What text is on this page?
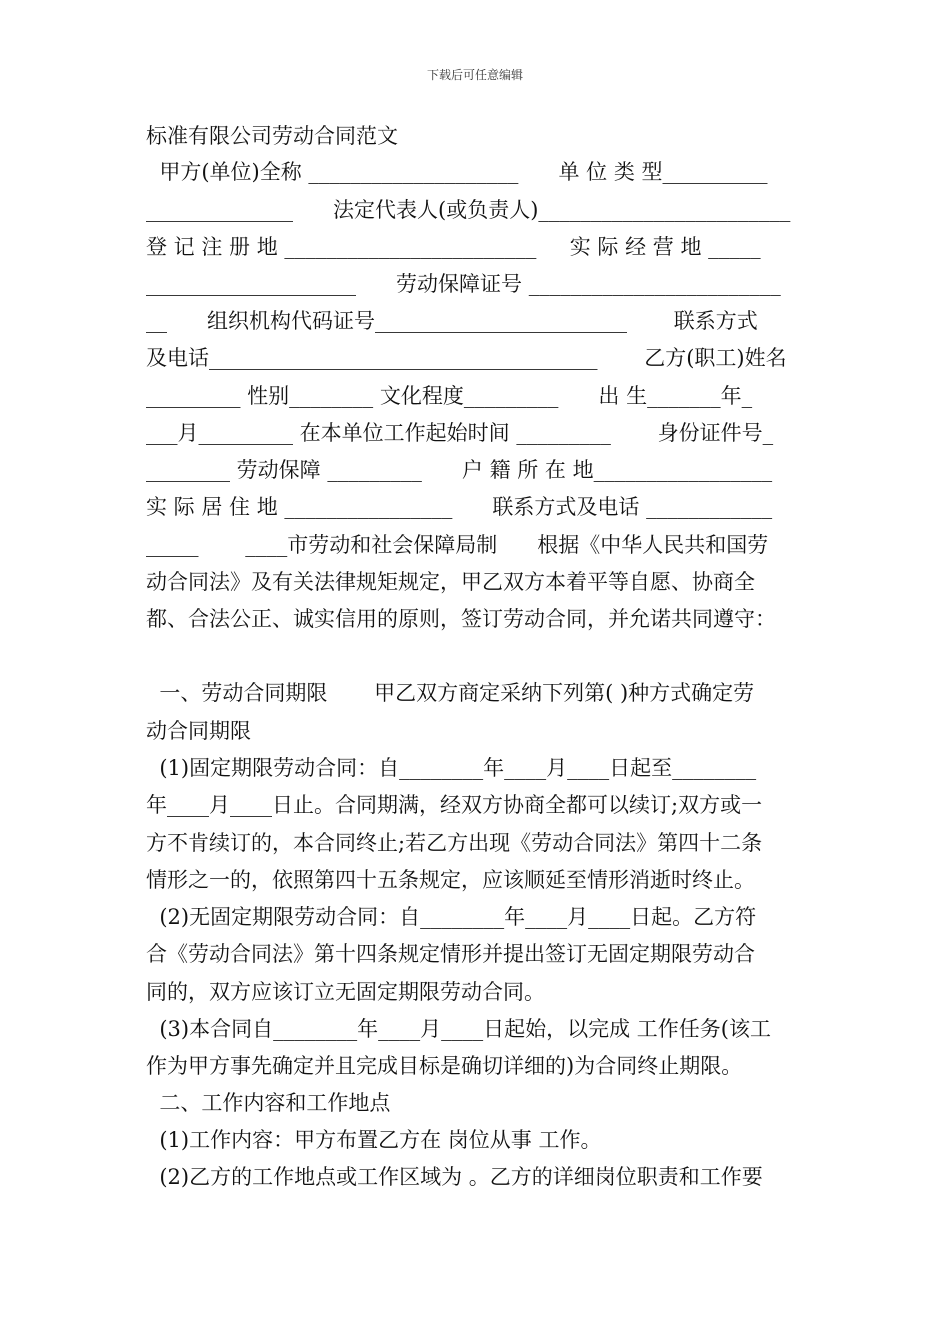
下载后可任意编辑
标准有限公司劳动合同范文
甲方(单位)全称 ____________________      单 位 类 型__________
______________      法定代表人(或负责人)________________________
登 记 注 册 地 ________________________     实 际 经 营 地 _____
____________________      劳动保障证号 ________________________
__      组织机构代码证号________________________       联系方式
及电话_____________________________________       乙方(职工)姓名
_________ 性别________ 文化程度_________      出 生_______年_
___月_________ 在本单位工作起始时间 _________       身份证件号_
________ 劳动保障 _________      户 籍 所 在 地_________________
实 际 居 住 地 ________________      联系方式及电话 ____________
_____       ____市劳动和社会保障局制      根据《中华人民共和国劳
动合同法》及有关法律规矩规定，甲乙双方本着平等自愿、协商全
都、合法公正、诚实信用的原则，签订劳动合同，并允诺共同遵守：
一、劳动合同期限       甲乙双方商定采纳下列第( )种方式确定劳
动合同期限
(1)固定期限劳动合同：自________年____月____日起至________
年____月____日止。合同期满，经双方协商全都可以续订;双方或一
方不肯续订的，本合同终止;若乙方出现《劳动合同法》第四十二条
情形之一的，依照第四十五条规定，应该顺延至情形消逝时终止。
(2)无固定期限劳动合同：自________年____月____日起。乙方符
合《劳动合同法》第十四条规定情形并提出签订无固定期限劳动合
同的，双方应该订立无固定期限劳动合同。
(3)本合同自________年____月____日起始，以完成 工作任务(该工
作为甲方事先确定并且完成目标是确切详细的)为合同终止期限。
二、工作内容和工作地点
(1)工作内容：甲方布置乙方在 岗位从事 工作。
(2)乙方的工作地点或工作区域为 。乙方的详细岗位职责和工作要
